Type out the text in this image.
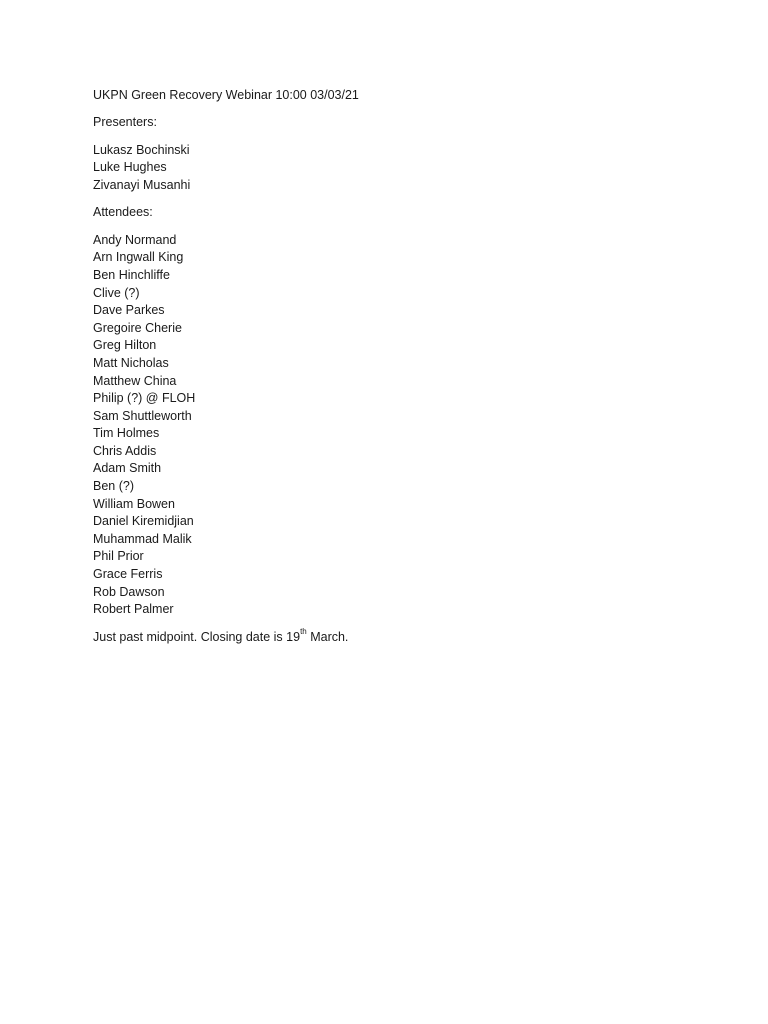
UKPN Green Recovery Webinar 10:00 03/03/21
Presenters:
Lukasz Bochinski
Luke Hughes
Zivanayi Musanhi
Attendees:
Andy Normand
Arn Ingwall King
Ben Hinchliffe
Clive (?)
Dave Parkes
Gregoire Cherie
Greg Hilton
Matt Nicholas
Matthew China
Philip (?) @ FLOH
Sam Shuttleworth
Tim Holmes
Chris Addis
Adam Smith
Ben (?)
William Bowen
Daniel Kiremidjian
Muhammad Malik
Phil Prior
Grace Ferris
Rob Dawson
Robert Palmer
Just past midpoint. Closing date is 19th March.
